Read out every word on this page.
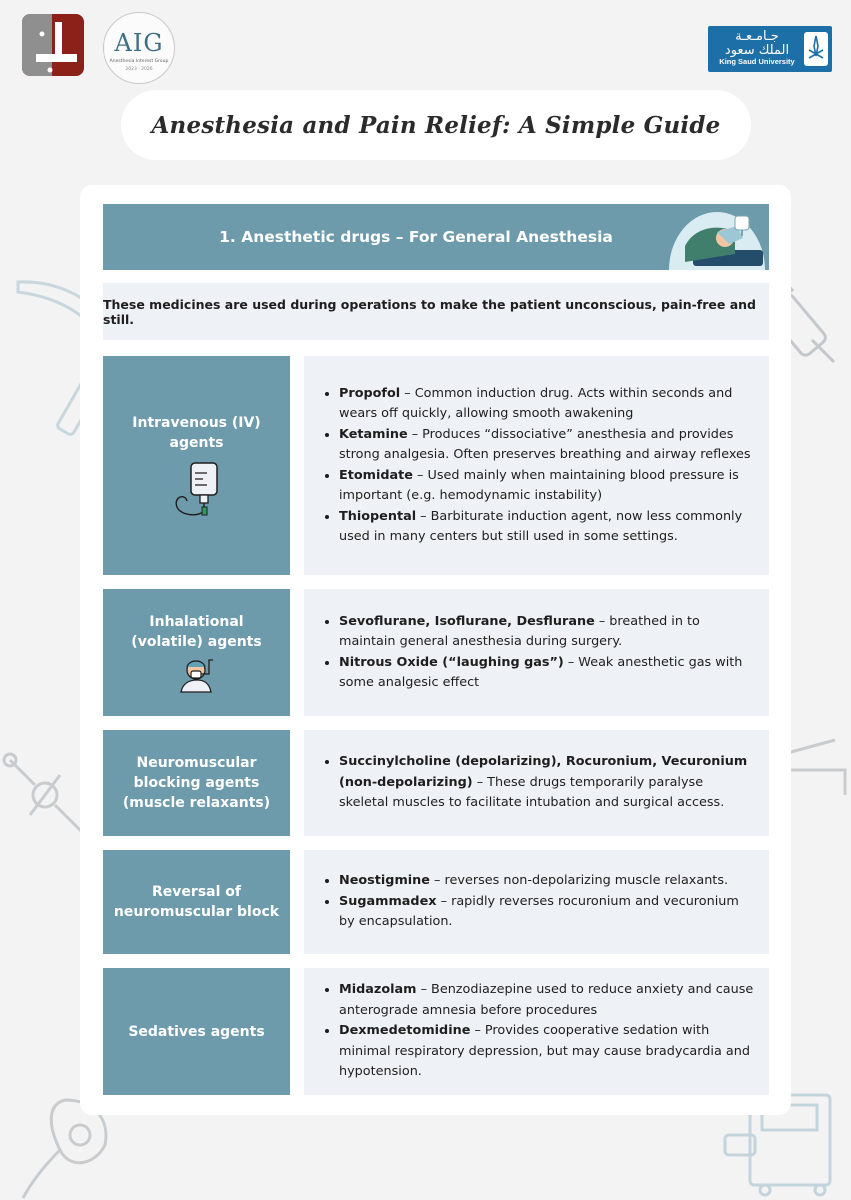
AIG
Anesthesia Interest Group
2023 · 2026
جـامـعـة
الملك سعود
King Saud University
Anesthesia and Pain Relief: A Simple Guide
1. Anesthetic drugs – For General Anesthesia
These medicines are used during operations to make the patient unconscious, pain-free and still.
Intravenous (IV) agents
• Propofol – Common induction drug. Acts within seconds and wears off quickly, allowing smooth awakening
• Ketamine – Produces “dissociative” anesthesia and provides strong analgesia. Often preserves breathing and airway reflexes
• Etomidate – Used mainly when maintaining blood pressure is important (e.g. hemodynamic instability)
• Thiopental – Barbiturate induction agent, now less commonly used in many centers but still used in some settings.
Inhalational (volatile) agents
• Sevoflurane, Isoflurane, Desflurane – breathed in to maintain general anesthesia during surgery.
• Nitrous Oxide (“laughing gas”) – Weak anesthetic gas with some analgesic effect
Neuromuscular blocking agents (muscle relaxants)
• Succinylcholine (depolarizing), Rocuronium, Vecuronium (non-depolarizing) – These drugs temporarily paralyse skeletal muscles to facilitate intubation and surgical access.
Reversal of neuromuscular block
• Neostigmine – reverses non-depolarizing muscle relaxants.
• Sugammadex – rapidly reverses rocuronium and vecuronium by encapsulation.
Sedatives agents
• Midazolam – Benzodiazepine used to reduce anxiety and cause anterograde amnesia before procedures
• Dexmedetomidine – Provides cooperative sedation with minimal respiratory depression, but may cause bradycardia and hypotension.
